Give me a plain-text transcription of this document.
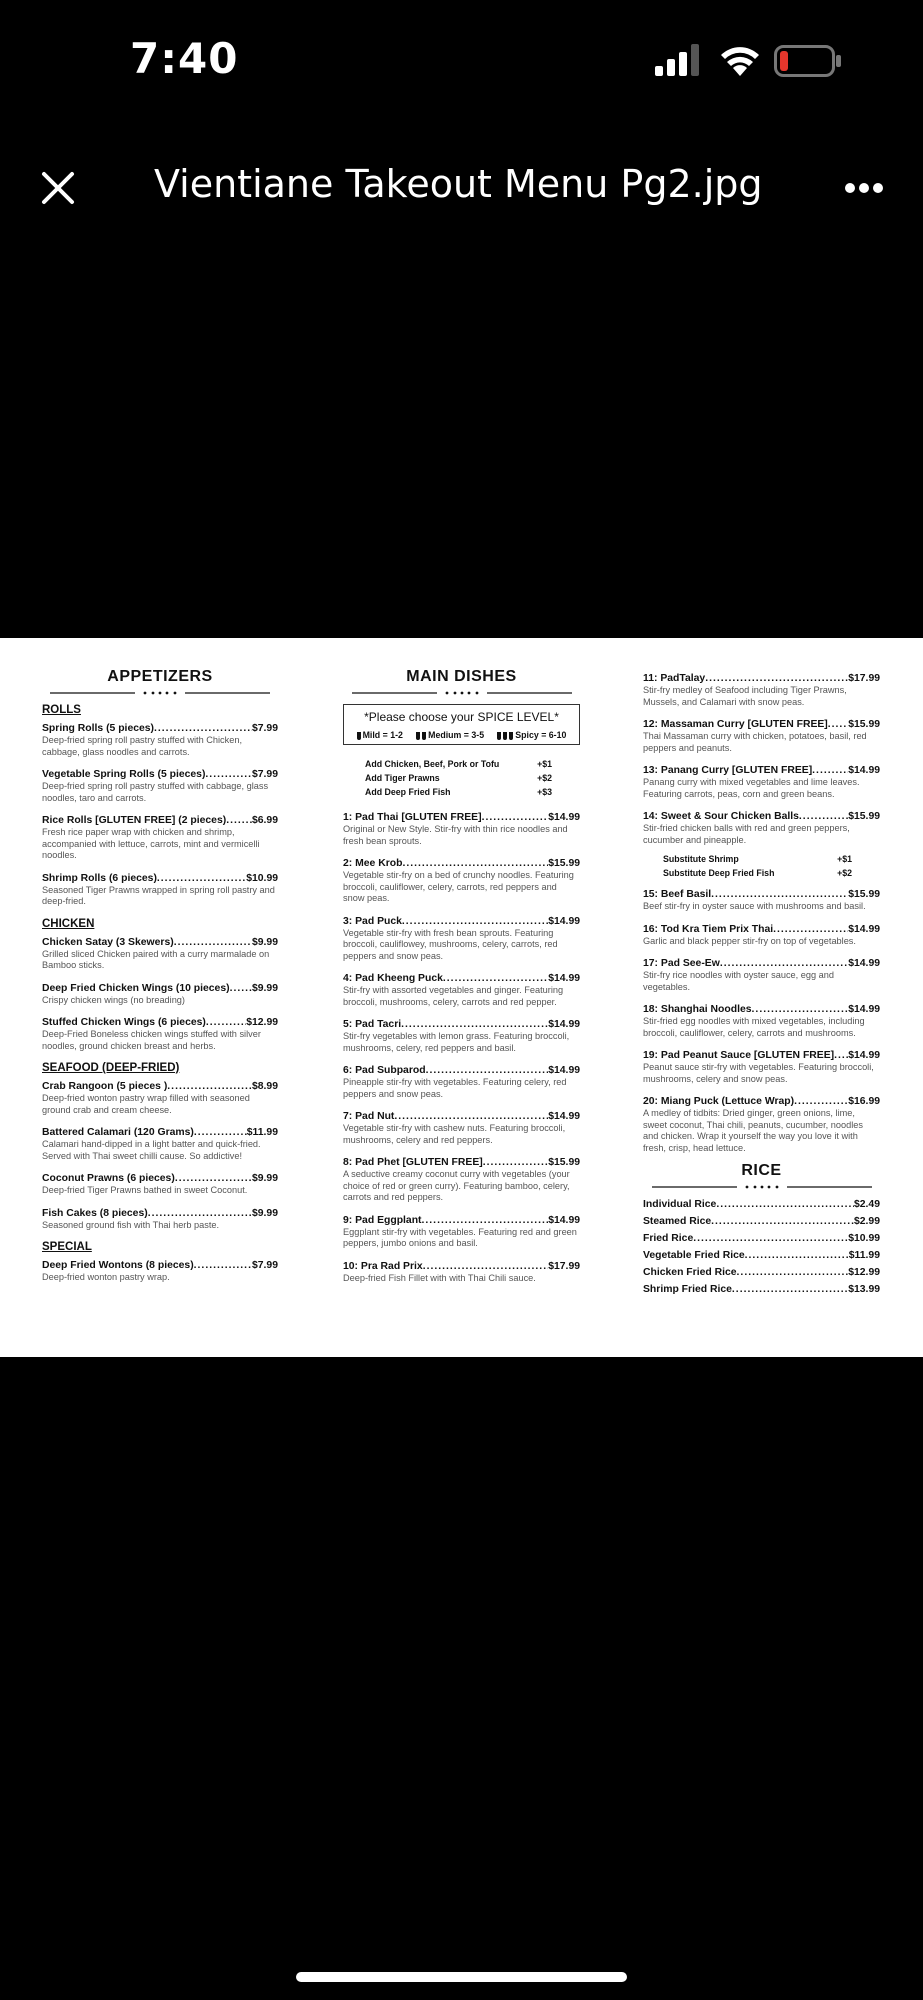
7:40
Vientiane Takeout Menu Pg2.jpg
APPETIZERS
ROLLS
Spring Rolls (5 pieces) .....	$7.99
Deep-fried spring roll pastry stuffed with Chicken, cabbage, glass noodles and carrots.
Vegetable Spring Rolls (5 pieces) .....	$7.99
Deep-fried spring roll pastry stuffed with cabbage, glass noodles, taro and carrots.
Rice Rolls [GLUTEN FREE] (2 pieces) ..... $6.99
Fresh rice paper wrap with chicken and shrimp, accompanied with lettuce, carrots, mint and vermicelli noodles.
Shrimp Rolls (6 pieces) .....	$10.99
Seasoned Tiger Prawns wrapped in spring roll pastry and deep-fried.
CHICKEN
Chicken Satay (3 Skewers) .....	$9.99
Grilled sliced Chicken paired with a curry marmalade on Bamboo sticks.
Deep Fried Chicken Wings (10 pieces) ..... $9.99
Crispy chicken wings (no breading)
Stuffed Chicken Wings (6 pieces) .....	$12.99
Deep-Fried Boneless chicken wings stuffed with silver noodles, ground chicken breast and herbs.
SEAFOOD (DEEP-FRIED)
Crab Rangoon (5 pieces ) .....	$8.99
Deep-fried wonton pastry wrap filled with seasoned ground crab and cream cheese.
Battered Calamari (120 Grams) .....	$11.99
Calamari hand-dipped in a light batter and quick-fried. Served with Thai sweet chilli cause. So addictive!
Coconut Prawns (6 pieces) .....	$9.99
Deep-fried Tiger Prawns bathed in sweet Coconut.
Fish Cakes (8 pieces) .....	$9.99
Seasoned ground fish with Thai herb paste.
SPECIAL
Deep Fried Wontons (8 pieces) .....	$7.99
Deep-fried wonton pastry wrap.
MAIN DISHES
*Please choose your SPICE LEVEL*
Mild = 1-2	Medium = 3-5	Spicy = 6-10
Add Chicken, Beef, Pork or Tofu	+$1
Add Tiger Prawns	+$2
Add Deep Fried Fish	+$3
1: Pad Thai [GLUTEN FREE] .....	$14.99
Original or New Style. Stir-fry with thin rice noodles and fresh bean sprouts.
2: Mee Krob .....	$15.99
Vegetable stir-fry on a bed of crunchy noodles. Featuring broccoli, cauliflower, celery, carrots, red peppers and snow peas.
3: Pad Puck .....	$14.99
Vegetable stir-fry with fresh bean sprouts. Featuring broccoli, cauliflowey, mushrooms, celery, carrots, red peppers and snow peas.
4: Pad Kheeng Puck .....	$14.99
Stir-fry with assorted vegetables and ginger. Featuring broccoli, mushrooms, celery, carrots and red pepper.
5: Pad Tacri .....	$14.99
Stir-fry vegetables with lemon grass. Featuring broccoli, mushrooms, celery, red peppers and basil.
6: Pad Subparod .....	$14.99
Pineapple stir-fry with vegetables. Featuring celery, red peppers and snow peas.
7: Pad Nut .....	$14.99
Vegetable stir-fry with cashew nuts. Featuring broccoli, mushrooms, celery and red peppers.
8: Pad Phet [GLUTEN FREE] .....	$15.99
A seductive creamy coconut curry with vegetables (your choice of red or green curry). Featuring bamboo, celery, carrots and red peppers.
9: Pad Eggplant .....	$14.99
Eggplant stir-fry with vegetables. Featuring red and green peppers, jumbo onions and basil.
10: Pra Rad Prix .....	$17.99
Deep-fried Fish Fillet with with Thai Chili sauce.
11: PadTalay .....	$17.99
Stir-fry medley of Seafood including Tiger Prawns, Mussels, and Calamari with snow peas.
12: Massaman Curry [GLUTEN FREE] ..... $15.99
Thai Massaman curry with chicken, potatoes, basil, red peppers and peanuts.
13: Panang Curry [GLUTEN FREE] .....	$14.99
Panang curry with mixed vegetables and lime leaves. Featuring carrots, peas, corn and green beans.
14: Sweet & Sour Chicken Balls .....	$15.99
Stir-fried chicken balls with red and green peppers, cucumber and pineapple.
Substitute Shrimp	+$1
Substitute Deep Fried Fish	+$2
15: Beef Basil .....	$15.99
Beef stir-fry in oyster sauce with mushrooms and basil.
16: Tod Kra Tiem Prix Thai .....	$14.99
Garlic and black pepper stir-fry on top of vegetables.
17: Pad See-Ew .....	$14.99
Stir-fry rice noodles with oyster sauce, egg and vegetables.
18: Shanghai Noodles .....	$14.99
Stir-fried egg noodles with mixed vegetables, including broccoli, cauliflower, celery, carrots and mushrooms.
19: Pad Peanut Sauce [GLUTEN FREE] ..... $14.99
Peanut sauce stir-fry with vegetables. Featuring broccoli, mushrooms, celery and snow peas.
20: Miang Puck (Lettuce Wrap) .....	$16.99
A medley of tidbits: Dried ginger, green onions, lime, sweet coconut, Thai chili, peanuts, cucumber, noodles and chicken. Wrap it yourself the way you love it with fresh, crisp, head lettuce.
RICE
Individual Rice .....	$2.49
Steamed Rice .....	$2.99
Fried Rice .....	$10.99
Vegetable Fried Rice .....	$11.99
Chicken Fried Rice .....	$12.99
Shrimp Fried Rice .....	$13.99
